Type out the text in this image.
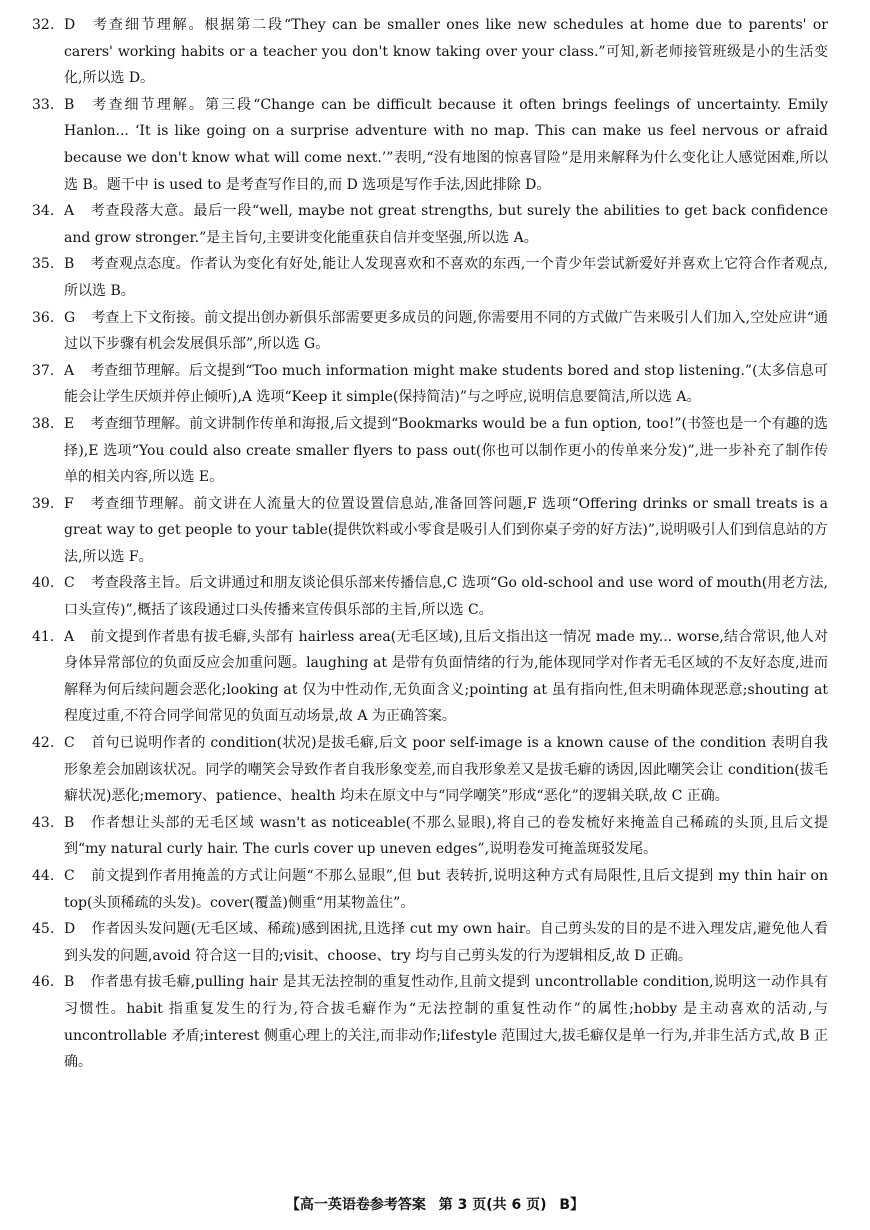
32. D 考查细节理解。根据第二段“They can be smaller ones like new schedules at home due to parents' or carers' working habits or a teacher you don't know taking over your class.”可知,新老师接管班级是小的生活变化,所以选 D。

33. B 考查细节理解。第三段“Change can be difficult because it often brings feelings of uncertainty. Emily Hanlon... ‘It is like going on a surprise adventure with no map. This can make us feel nervous or afraid because we don't know what will come next.’”表明,“没有地图的惊喜冒险”是用来解释为什么变化让人感觉困难,所以选 B。题干中 is used to 是考查写作目的,而 D 选项是写作手法,因此排除 D。

34. A 考查段落大意。最后一段“well, maybe not great strengths, but surely the abilities to get back confidence and grow stronger.”是主旨句,主要讲变化能重获自信并变坚强,所以选 A。

35. B 考查观点态度。作者认为变化有好处,能让人发现喜欢和不喜欢的东西,一个青少年尝试新爱好并喜欢上它符合作者观点,所以选 B。

36. G 考查上下文衔接。前文提出创办新俱乐部需要更多成员的问题,你需要用不同的方式做广告来吸引人们加入,空处应讲“通过以下步骤有机会发展俱乐部”,所以选 G。

37. A 考查细节理解。后文提到“Too much information might make students bored and stop listening.”(太多信息可能会让学生厌烦并停止倾听),A 选项“Keep it simple(保持简洁)”与之呼应,说明信息要简洁,所以选 A。

38. E 考查细节理解。前文讲制作传单和海报,后文提到“Bookmarks would be a fun option, too!”(书签也是一个有趣的选择),E 选项“You could also create smaller flyers to pass out(你也可以制作更小的传单来分发)”,进一步补充了制作传单的相关内容,所以选 E。

39. F 考查细节理解。前文讲在人流量大的位置设置信息站,准备回答问题,F 选项“Offering drinks or small treats is a great way to get people to your table(提供饮料或小零食是吸引人们到你桌子旁的好方法)”,说明吸引人们到信息站的方法,所以选 F。

40. C 考查段落主旨。后文讲通过和朋友谈论俱乐部来传播信息,C 选项“Go old-school and use word of mouth(用老方法,口头宣传)”,概括了该段通过口头传播来宣传俱乐部的主旨,所以选 C。

41. A 前文提到作者患有拔毛癖,头部有 hairless area(无毛区域),且后文指出这一情况 made my... worse,结合常识,他人对身体异常部位的负面反应会加重问题。laughing at 是带有负面情绪的行为,能体现同学对作者无毛区域的不友好态度,进而解释为何后续问题会恶化;looking at 仅为中性动作,无负面含义;pointing at 虽有指向性,但未明确体现恶意;shouting at 程度过重,不符合同学间常见的负面互动场景,故 A 为正确答案。

42. C 首句已说明作者的 condition(状况)是拔毛癖,后文 poor self-image is a known cause of the condition 表明自我形象差会加剧该状况。同学的嘲笑会导致作者自我形象变差,而自我形象差又是拔毛癖的诱因,因此嘲笑会让 condition(拔毛癖状况)恶化;memory、patience、health 均未在原文中与“同学嘲笑”形成“恶化”的逻辑关联,故 C 正确。

43. B 作者想让头部的无毛区域 wasn't as noticeable(不那么显眼),将自己的卷发梳好来掩盖自己稀疏的头顶,且后文提到“my natural curly hair. The curls cover up uneven edges”,说明卷发可掩盖斑驳发尾。

44. C 前文提到作者用掩盖的方式让问题“不那么显眼”,但 but 表转折,说明这种方式有局限性,且后文提到 my thin hair on top(头顶稀疏的头发)。cover(覆盖)侧重“用某物盖住”。

45. D 作者因头发问题(无毛区域、稀疏)感到困扰,且选择 cut my own hair。自己剪头发的目的是不进入理发店,避免他人看到头发的问题,avoid 符合这一目的;visit、choose、try 均与自己剪头发的行为逻辑相反,故 D 正确。

46. B 作者患有拔毛癖,pulling hair 是其无法控制的重复性动作,且前文提到 uncontrollable condition,说明这一动作具有习惯性。habit 指重复发生的行为,符合拔毛癖作为“无法控制的重复性动作”的属性;hobby 是主动喜欢的活动,与 uncontrollable 矛盾;interest 侧重心理上的关注,而非动作;lifestyle 范围过大,拔毛癖仅是单一行为,并非生活方式,故 B 正确。

【高一英语卷参考答案 第 3 页(共 6 页) B】
